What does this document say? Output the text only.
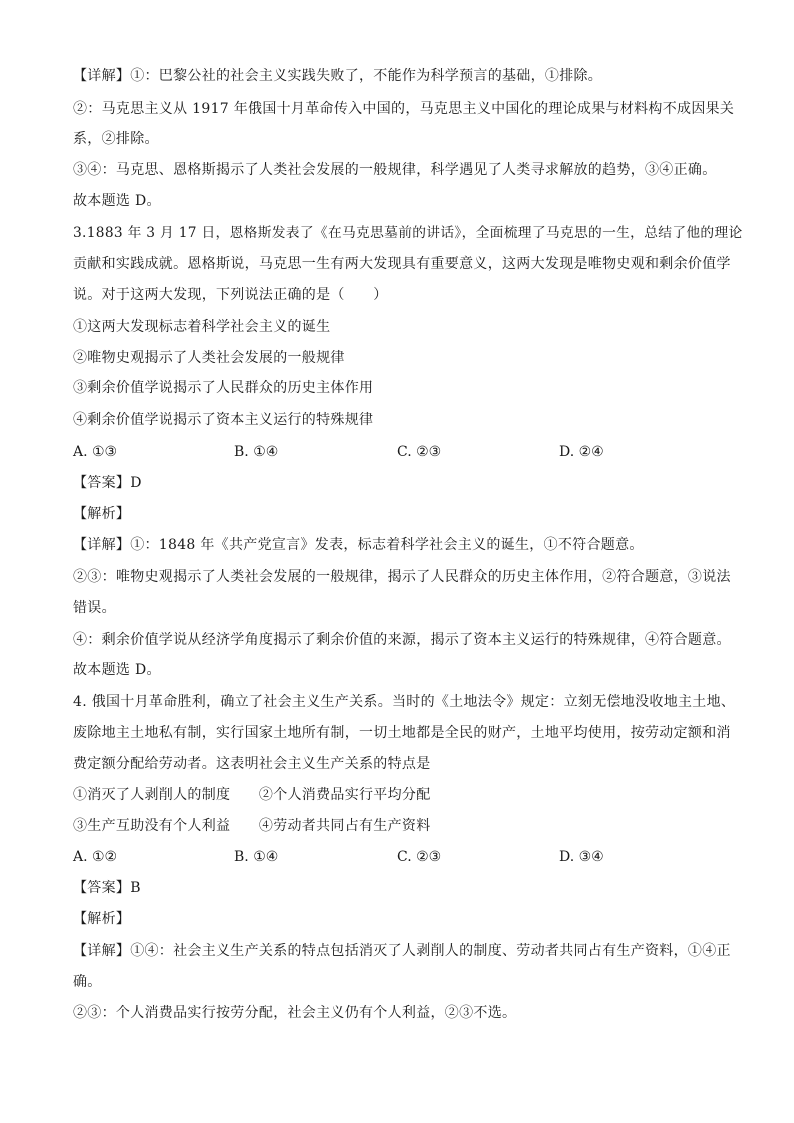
【详解】①：巴黎公社的社会主义实践失败了，不能作为科学预言的基础，①排除。
②：马克思主义从 1917 年俄国十月革命传入中国的，马克思主义中国化的理论成果与材料构不成因果关
系，②排除。
③④：马克思、恩格斯揭示了人类社会发展的一般规律，科学遇见了人类寻求解放的趋势，③④正确。
故本题选 D。
3.1883 年 3 月 17 日，恩格斯发表了《在马克思墓前的讲话》，全面梳理了马克思的一生，总结了他的理论
贡献和实践成就。恩格斯说，马克思一生有两大发现具有重要意义，这两大发现是唯物史观和剩余价值学
说。对于这两大发现，下列说法正确的是（　　）
①这两大发现标志着科学社会主义的诞生
②唯物史观揭示了人类社会发展的一般规律
③剩余价值学说揭示了人民群众的历史主体作用
④剩余价值学说揭示了资本主义运行的特殊规律
A. ①③	B. ①④	C. ②③	D. ②④
【答案】D
【解析】
【详解】①：1848 年《共产党宣言》发表，标志着科学社会主义的诞生，①不符合题意。
②③：唯物史观揭示了人类社会发展的一般规律，揭示了人民群众的历史主体作用，②符合题意，③说法
错误。
④：剩余价值学说从经济学角度揭示了剩余价值的来源，揭示了资本主义运行的特殊规律，④符合题意。
故本题选 D。
4. 俄国十月革命胜利，确立了社会主义生产关系。当时的《土地法令》规定：立刻无偿地没收地主土地、
废除地主土地私有制，实行国家土地所有制，一切土地都是全民的财产，土地平均使用，按劳动定额和消
费定额分配给劳动者。这表明社会主义生产关系的特点是
①消灭了人剥削人的制度　　②个人消费品实行平均分配
③生产互助没有个人利益　　④劳动者共同占有生产资料
A. ①②	B. ①④	C. ②③	D. ③④
【答案】B
【解析】
【详解】①④：社会主义生产关系的特点包括消灭了人剥削人的制度、劳动者共同占有生产资料，①④正
确。
②③：个人消费品实行按劳分配，社会主义仍有个人利益，②③不选。
